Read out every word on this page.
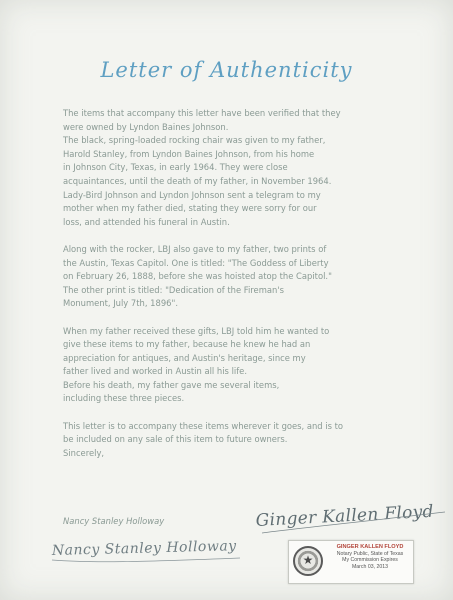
Letter of Authenticity
The items that accompany this letter have been verified that they
were owned by Lyndon Baines Johnson.
The black, spring-loaded rocking chair was given to my father,
Harold Stanley, from Lyndon Baines Johnson, from his home
in Johnson City, Texas, in early 1964. They were close
acquaintances, until the death of my father, in November 1964.
Lady-Bird Johnson and Lyndon Johnson sent a telegram to my
mother when my father died, stating they were sorry for our
loss, and attended his funeral in Austin.
Along with the rocker, LBJ also gave to my father, two prints of
the Austin, Texas Capitol. One is titled: "The Goddess of Liberty
on February 26, 1888, before she was hoisted atop the Capitol."
The other print is titled: "Dedication of the Fireman's
Monument, July 7th, 1896".
When my father received these gifts, LBJ told him he wanted to
give these items to my father, because he knew he had an
appreciation for antiques, and Austin's heritage, since my
father lived and worked in Austin all his life.
Before his death, my father gave me several items,
including these three pieces.
This letter is to accompany these items wherever it goes, and is to
be included on any sale of this item to future owners.
Sincerely,
Nancy Stanley Holloway
Nancy Stanley Holloway
Ginger Kallen Floyd
★
GINGER KALLEN FLOYD
Notary Public, State of Texas
My Commission Expires
March 03, 2013
